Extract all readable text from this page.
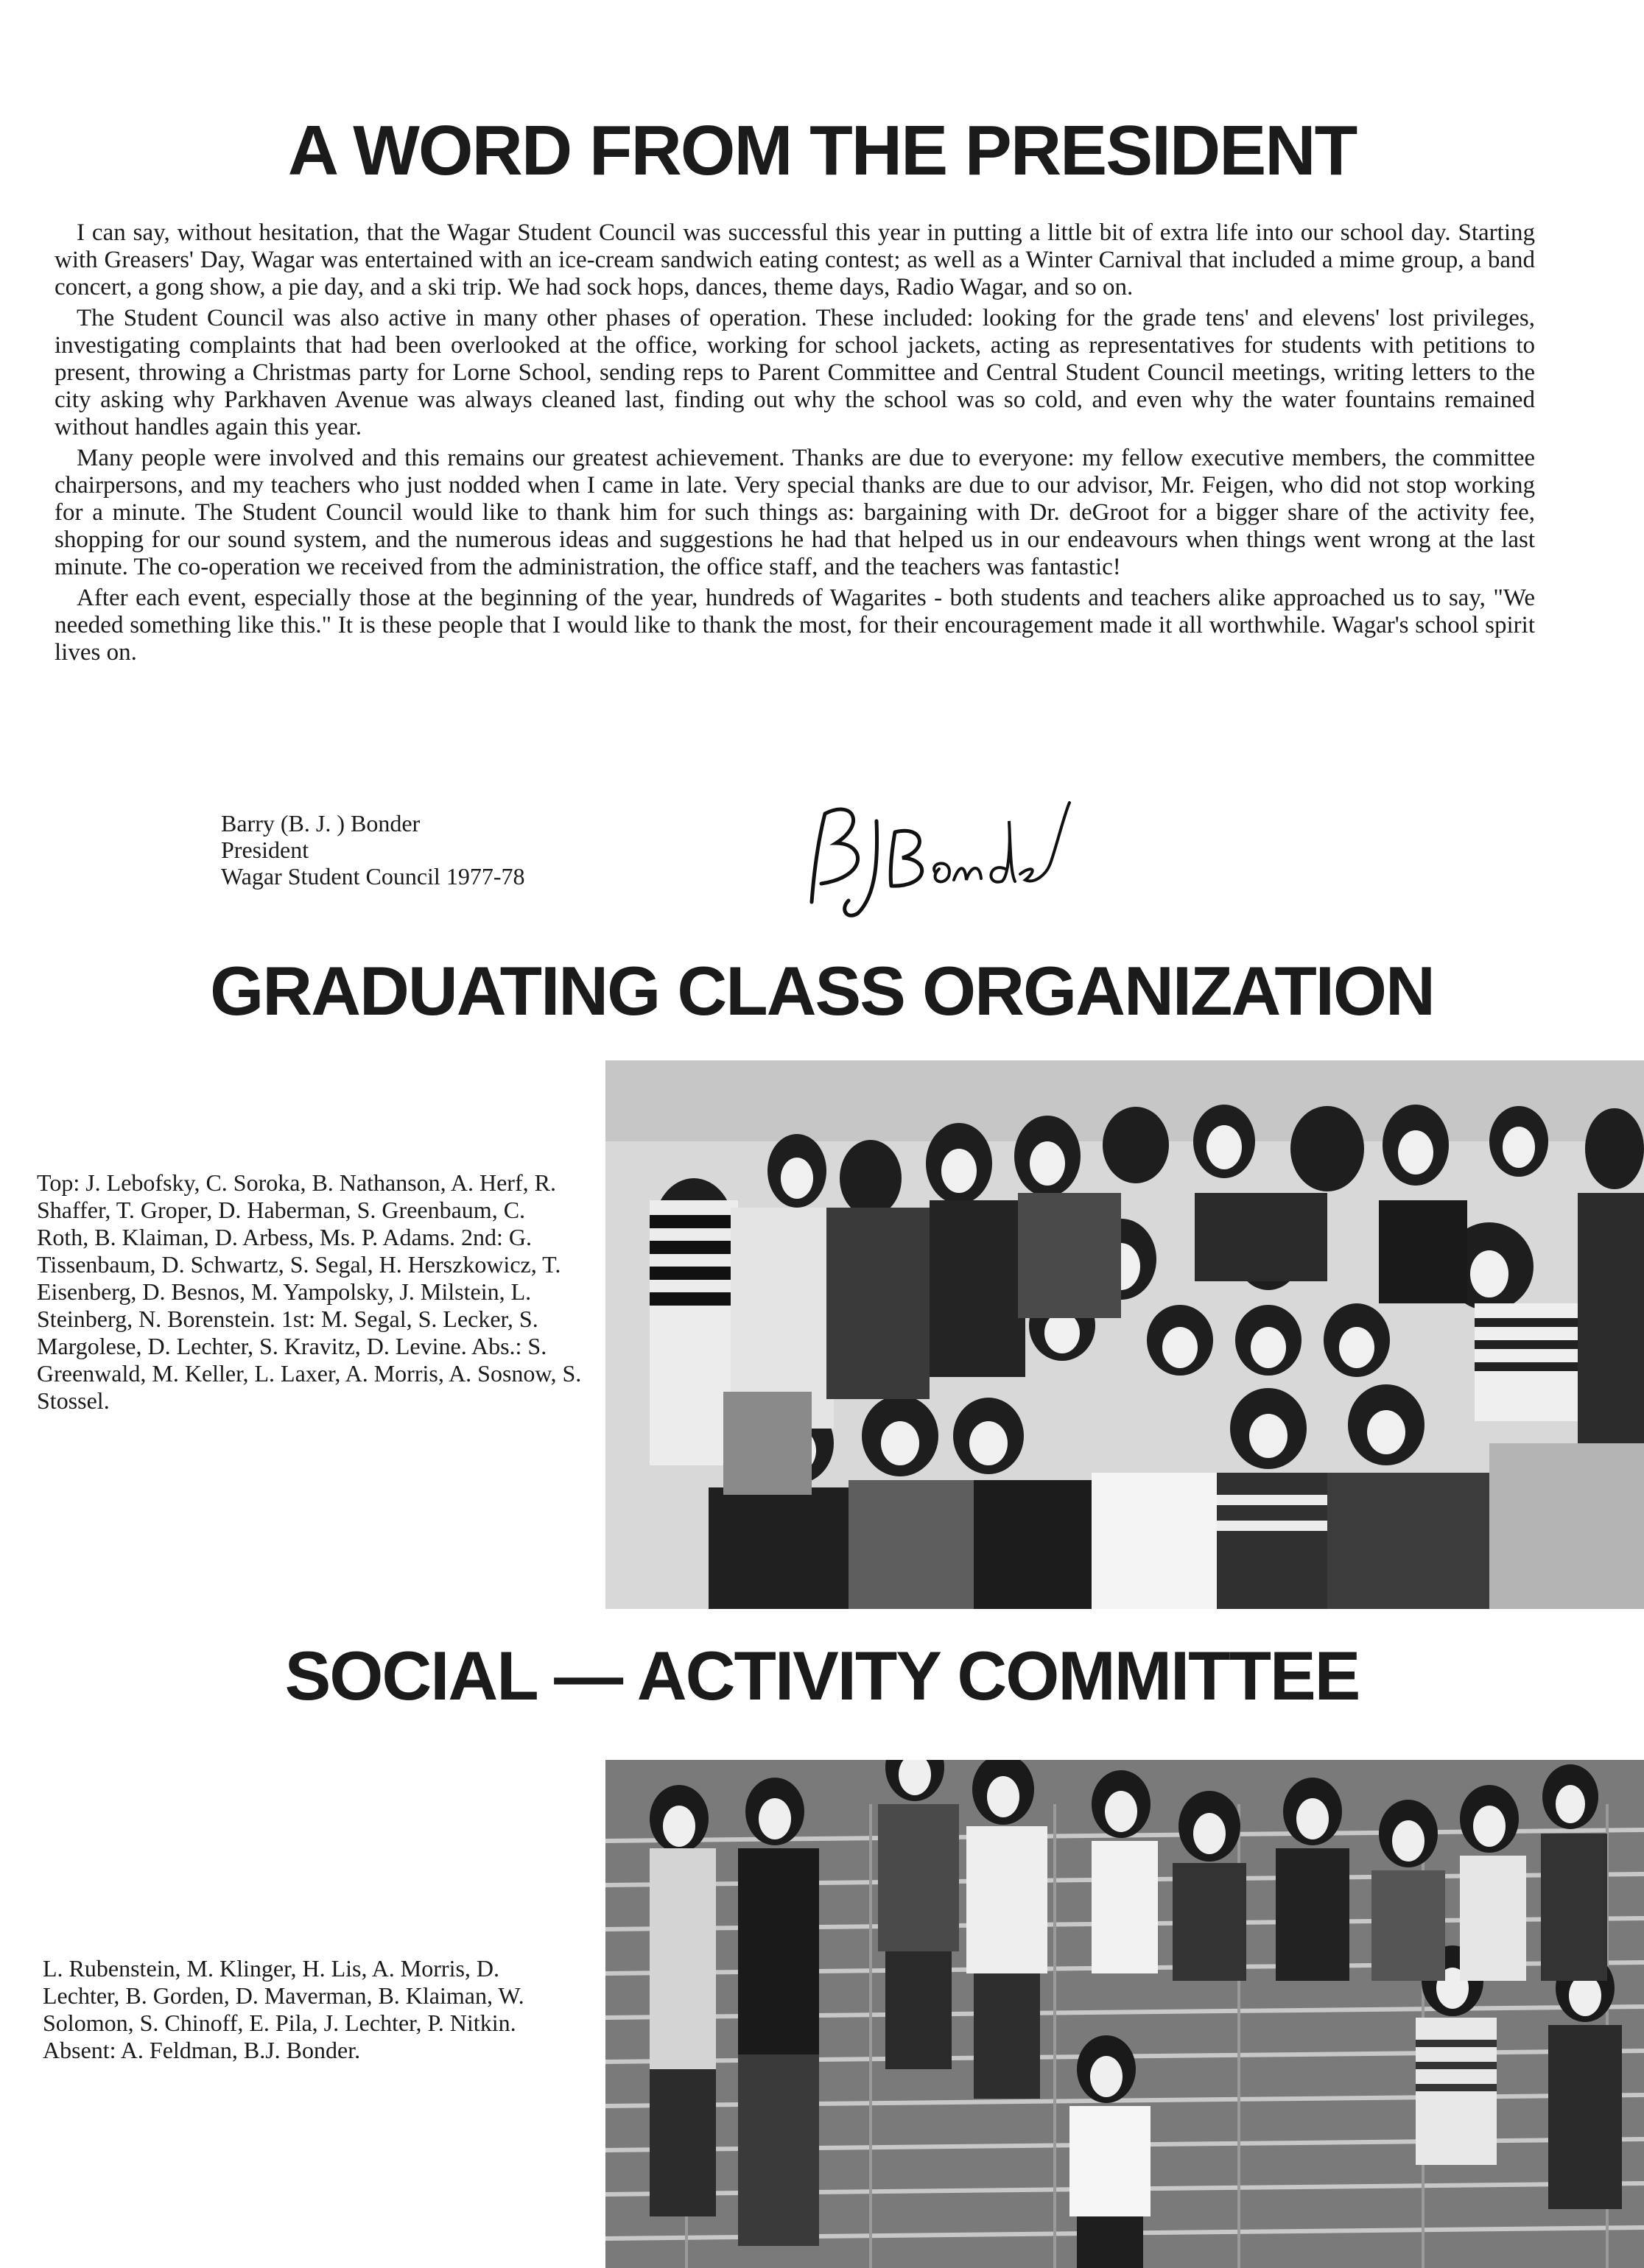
A WORD FROM THE PRESIDENT

I can say, without hesitation, that the Wagar Student Council was successful this year in putting a little bit of extra life into our school day. Starting with Greasers' Day, Wagar was entertained with an ice-cream sandwich eating contest; as well as a Winter Carnival that included a mime group, a band concert, a gong show, a pie day, and a ski trip. We had sock hops, dances, theme days, Radio Wagar, and so on.

The Student Council was also active in many other phases of operation. These included: looking for the grade tens' and elevens' lost privileges, investigating complaints that had been overlooked at the office, working for school jackets, acting as representatives for students with petitions to present, throwing a Christmas party for Lorne School, sending reps to Parent Committee and Central Student Council meetings, writing letters to the city asking why Parkhaven Avenue was always cleaned last, finding out why the school was so cold, and even why the water fountains remained without handles again this year.

Many people were involved and this remains our greatest achievement. Thanks are due to everyone: my fellow executive members, the committee chairpersons, and my teachers who just nodded when I came in late. Very special thanks are due to our advisor, Mr. Feigen, who did not stop working for a minute. The Student Council would like to thank him for such things as: bargaining with Dr. deGroot for a bigger share of the activity fee, shopping for our sound system, and the numerous ideas and suggestions he had that helped us in our endeavours when things went wrong at the last minute. The co-operation we received from the administration, the office staff, and the teachers was fantastic!

After each event, especially those at the beginning of the year, hundreds of Wagarites - both students and teachers alike approached us to say, "We needed something like this." It is these people that I would like to thank the most, for their encouragement made it all worthwhile. Wagar's school spirit lives on.

Barry (B. J. ) Bonder
President
Wagar Student Council 1977-78
GRADUATING CLASS ORGANIZATION
Top: J. Lebofsky, C. Soroka, B. Nathanson, A. Herf, R. Shaffer, T. Groper, D. Haberman, S. Greenbaum, C. Roth, B. Klaiman, D. Arbess, Ms. P. Adams. 2nd: G. Tissenbaum, D. Schwartz, S. Segal, H. Herszkowicz, T. Eisenberg, D. Besnos, M. Yampolsky, J. Milstein, L. Steinberg, N. Borenstein. 1st: M. Segal, S. Lecker, S. Margolese, D. Lechter, S. Kravitz, D. Levine. Abs.: S. Greenwald, M. Keller, L. Laxer, A. Morris, A. Sosnow, S. Stossel.
SOCIAL — ACTIVITY COMMITTEE
L. Rubenstein, M. Klinger, H. Lis, A. Morris, D. Lechter, B. Gorden, D. Maverman, B. Klaiman, W. Solomon, S. Chinoff, E. Pila, J. Lechter, P. Nitkin. Absent: A. Feldman, B.J. Bonder.
